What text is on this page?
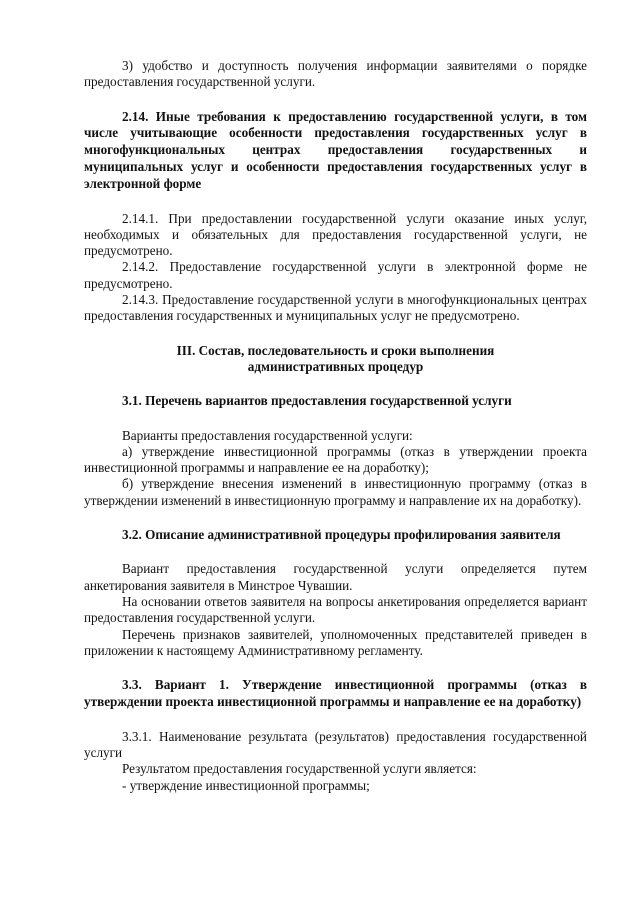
3) удобство и доступность получения информации заявителями о порядке предоставления государственной услуги.

2.14. Иные требования к предоставлению государственной услуги, в том числе учитывающие особенности предоставления государственных услуг в многофункциональных центрах предоставления государственных и муниципальных услуг и особенности предоставления государственных услуг в электронной форме

2.14.1. При предоставлении государственной услуги оказание иных услуг, необходимых и обязательных для предоставления государственной услуги, не предусмотрено.

2.14.2. Предоставление государственной услуги в электронной форме не предусмотрено.

2.14.3. Предоставление государственной услуги в многофункциональных центрах предоставления государственных и муниципальных услуг не предусмотрено.

III. Состав, последовательность и сроки выполнения

административных процедур

3.1. Перечень вариантов предоставления государственной услуги

Варианты предоставления государственной услуги:

а) утверждение инвестиционной программы (отказ в утверждении проекта инвестиционной программы и направление ее на доработку);

б) утверждение внесения изменений в инвестиционную программу (отказ в утверждении изменений в инвестиционную программу и направление их на доработку).

3.2. Описание административной процедуры профилирования заявителя

Вариант предоставления государственной услуги определяется путем анкетирования заявителя в Минстрое Чувашии.

На основании ответов заявителя на вопросы анкетирования определяется вариант предоставления государственной услуги.

Перечень признаков заявителей, уполномоченных представителей приведен в приложении к настоящему Административному регламенту.

3.3. Вариант 1. Утверждение инвестиционной программы (отказ в утверждении проекта инвестиционной программы и направление ее на доработку)

3.3.1. Наименование результата (результатов) предоставления государственной услуги

Результатом предоставления государственной услуги является:

- утверждение инвестиционной программы;
